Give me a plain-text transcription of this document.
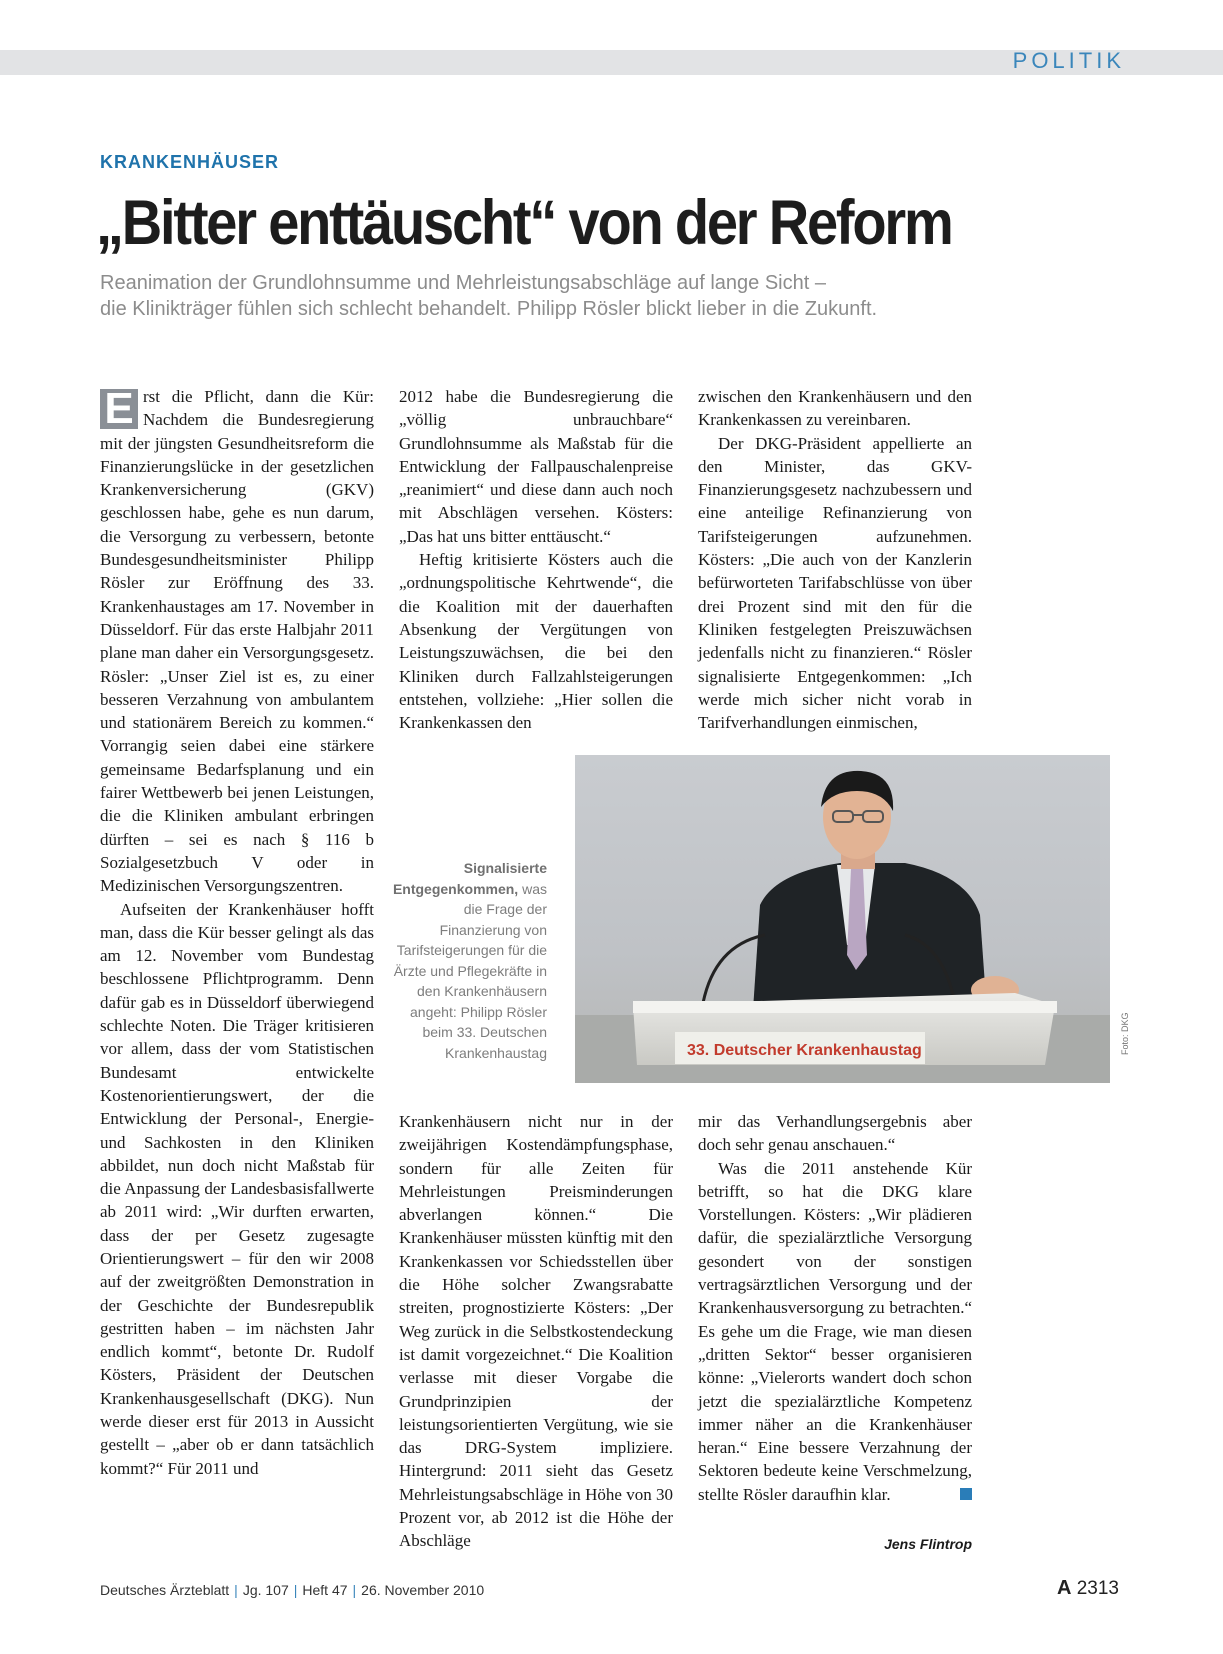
POLITIK
KRANKENHÄUSER
„Bitter enttäuscht“ von der Reform

Reanimation der Grundlohnsumme und Mehrleistungsabschläge auf lange Sicht –

die Klinikträger fühlen sich schlecht behandelt. Philipp Rösler blickt lieber in die Zukunft.

E rst die Pflicht, dann die Kür: Nachdem die Bundesregierung mit der jüngsten Gesundheitsreform die Finanzierungslücke in der gesetzlichen Krankenversicherung (GKV) geschlossen habe, gehe es nun darum, die Versorgung zu verbessern, betonte Bundesgesundheitsminister Philipp Rösler zur Eröffnung des 33. Krankenhaustages am 17. November in Düsseldorf. Für das erste Halbjahr 2011 plane man daher ein Versorgungsgesetz. Rösler: „Unser Ziel ist es, zu einer besseren Verzahnung von ambulantem und stationärem Bereich zu kommen.“ Vorrangig seien dabei eine stärkere gemeinsame Bedarfsplanung und ein fairer Wettbewerb bei jenen Leistungen, die die Kliniken ambulant erbringen dürften – sei es nach § 116 b Sozialgesetzbuch V oder in Medizinischen Versorgungszentren.

Aufseiten der Krankenhäuser hofft man, dass die Kür besser gelingt als das am 12. November vom Bundestag beschlossene Pflichtprogramm. Denn dafür gab es in Düsseldorf überwiegend schlechte Noten. Die Träger kritisieren vor allem, dass der vom Statistischen Bundesamt entwickelte Kostenorientierungswert, der die Entwicklung der Personal-, Energie- und Sachkosten in den Kliniken abbildet, nun doch nicht Maßstab für die Anpassung der Landesbasisfallwerte ab 2011 wird: „Wir durften erwarten, dass der per Gesetz zugesagte Orientierungswert – für den wir 2008 auf der zweitgrößten Demonstration in der Geschichte der Bundesrepublik gestritten haben – im nächsten Jahr endlich kommt“, betonte Dr. Rudolf Kösters, Präsident der Deutschen Krankenhausgesellschaft (DKG). Nun werde dieser erst für 2013 in Aussicht gestellt – „aber ob er dann tatsächlich kommt?“ Für 2011 und

2012 habe die Bundesregierung die „völlig unbrauchbare“ Grundlohnsumme als Maßstab für die Entwicklung der Fallpauschalenpreise „reanimiert“ und diese dann auch noch mit Abschlägen versehen. Kösters: „Das hat uns bitter enttäuscht.“

Heftig kritisierte Kösters auch die „ordnungspolitische Kehrtwende“, die die Koalition mit der dauerhaften Absenkung der Vergütungen von Leistungszuwächsen, die bei den Kliniken durch Fallzahlsteigerungen entstehen, vollziehe: „Hier sollen die Krankenkassen den

zwischen den Krankenhäusern und den Krankenkassen zu vereinbaren.

Der DKG-Präsident appellierte an den Minister, das GKV-Finanzierungsgesetz nachzubessern und eine anteilige Refinanzierung von Tarifsteigerungen aufzunehmen. Kösters: „Die auch von der Kanzlerin befürworteten Tarifabschlüsse von über drei Prozent sind mit den für die Kliniken festgelegten Preiszuwächsen jedenfalls nicht zu finanzieren.“ Rösler signalisierte Entgegenkommen: „Ich werde mich sicher nicht vorab in Tarifverhandlungen einmischen,

Signalisierte Entgegenkommen, was die Frage der Finanzierung von Tarifsteigerungen für die Ärzte und Pflegekräfte in den Krankenhäusern angeht: Philipp Rösler beim 33. Deutschen Krankenhaustag	33. Deutscher Krankenhaustag	Foto: DKG

Krankenhäusern nicht nur in der zweijährigen Kostendämpfungsphase, sondern für alle Zeiten für Mehrleistungen Preisminderungen abverlangen können.“ Die Krankenhäuser müssten künftig mit den Krankenkassen vor Schiedsstellen über die Höhe solcher Zwangsrabatte streiten, prognostizierte Kösters: „Der Weg zurück in die Selbstkostendeckung ist damit vorgezeichnet.“ Die Koalition verlasse mit dieser Vorgabe die Grundprinzipien der leistungsorientierten Vergütung, wie sie das DRG-System impliziere. Hintergrund: 2011 sieht das Gesetz Mehrleistungsabschläge in Höhe von 30 Prozent vor, ab 2012 ist die Höhe der Abschläge

mir das Verhandlungsergebnis aber doch sehr genau anschauen.“

Was die 2011 anstehende Kür betrifft, so hat die DKG klare Vorstellungen. Kösters: „Wir plädieren dafür, die spezialärztliche Versorgung gesondert von der sonstigen vertragsärztlichen Versorgung und der Krankenhausversorgung zu betrachten.“ Es gehe um die Frage, wie man diesen „dritten Sektor“ besser organisieren könne: „Vielerorts wandert doch schon jetzt die spezialärztliche Kompetenz immer näher an die Krankenhäuser heran.“ Eine bessere Verzahnung der Sektoren bedeute keine Verschmelzung, stellte Rösler daraufhin klar.

Jens Flintrop
Deutsches Ärzteblatt | Jg. 107 | Heft 47 | 26. November 2010	A 2313
